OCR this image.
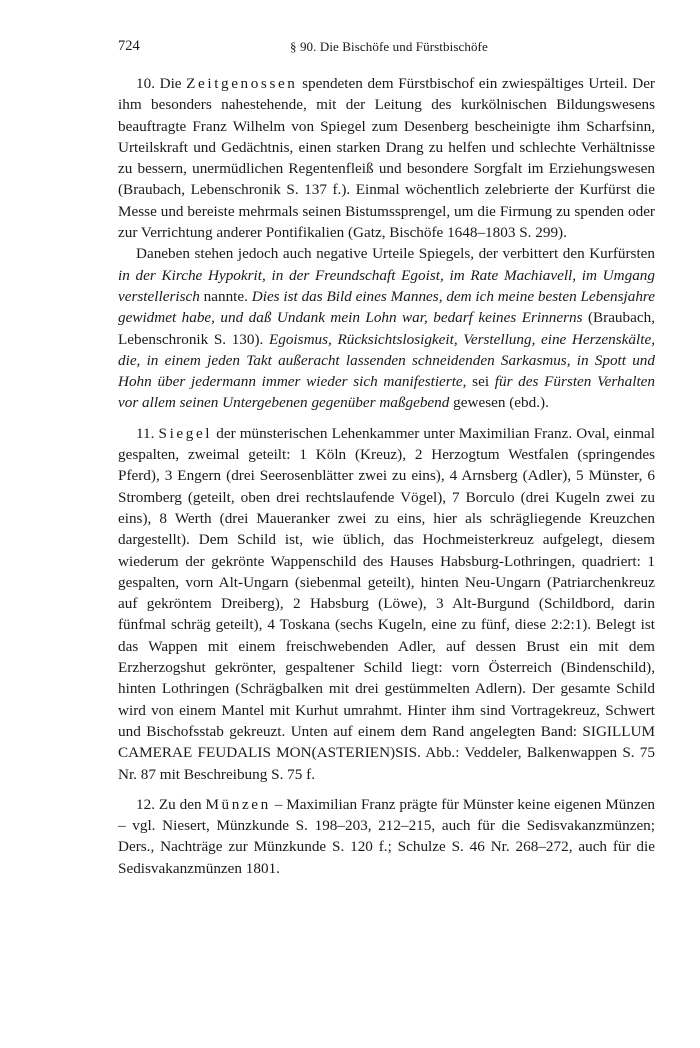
724	§ 90. Die Bischöfe und Fürstbischöfe

10. Die Zeitgenossen spendeten dem Fürstbischof ein zwiespältiges Urteil. Der ihm besonders nahestehende, mit der Leitung des kurkölnischen Bildungswesens beauftragte Franz Wilhelm von Spiegel zum Desenberg bescheinigte ihm Scharfsinn, Urteilskraft und Gedächtnis, einen starken Drang zu helfen und schlechte Verhältnisse zu bessern, unermüdlichen Regentenfleiß und besondere Sorgfalt im Erziehungswesen (Braubach, Lebenschronik S. 137 f.). Einmal wöchentlich zelebrierte der Kurfürst die Messe und bereiste mehrmals seinen Bistumssprengel, um die Firmung zu spenden oder zur Verrichtung anderer Pontifikalien (Gatz, Bischöfe 1648–1803 S. 299).

Daneben stehen jedoch auch negative Urteile Spiegels, der verbittert den Kurfürsten in der Kirche Hypokrit, in der Freundschaft Egoist, im Rate Machiavell, im Umgang verstellerisch nannte. Dies ist das Bild eines Mannes, dem ich meine besten Lebensjahre gewidmet habe, und daß Undank mein Lohn war, bedarf keines Erinnerns (Braubach, Lebenschronik S. 130). Egoismus, Rücksichtslosigkeit, Verstellung, eine Herzenskälte, die, in einem jeden Takt außeracht lassenden schneidenden Sarkasmus, in Spott und Hohn über jedermann immer wieder sich manifestierte, sei für des Fürsten Verhalten vor allem seinen Untergebenen gegenüber maßgebend gewesen (ebd.).

11. Siegel der münsterischen Lehenkammer unter Maximilian Franz. Oval, einmal gespalten, zweimal geteilt: 1 Köln (Kreuz), 2 Herzogtum Westfalen (springendes Pferd), 3 Engern (drei Seerosenblätter zwei zu eins), 4 Arnsberg (Adler), 5 Münster, 6 Stromberg (geteilt, oben drei rechtslaufende Vögel), 7 Borculo (drei Kugeln zwei zu eins), 8 Werth (drei Maueranker zwei zu eins, hier als schrägliegende Kreuzchen dargestellt). Dem Schild ist, wie üblich, das Hochmeisterkreuz aufgelegt, diesem wiederum der gekrönte Wappenschild des Hauses Habsburg-Lothringen, quadriert: 1 gespalten, vorn Alt-Ungarn (siebenmal geteilt), hinten Neu-Ungarn (Patriarchenkreuz auf gekröntem Dreiberg), 2 Habsburg (Löwe), 3 Alt-Burgund (Schildbord, darin fünfmal schräg geteilt), 4 Toskana (sechs Kugeln, eine zu fünf, diese 2:2:1). Belegt ist das Wappen mit einem freischwebenden Adler, auf dessen Brust ein mit dem Erzherzogshut gekrönter, gespaltener Schild liegt: vorn Österreich (Bindenschild), hinten Lothringen (Schrägbalken mit drei gestümmelten Adlern). Der gesamte Schild wird von einem Mantel mit Kurhut umrahmt. Hinter ihm sind Vortragekreuz, Schwert und Bischofsstab gekreuzt. Unten auf einem dem Rand angelegten Band: SIGILLUM CAMERAE FEUDALIS MON(ASTERIEN)SIS. Abb.: Veddeler, Balkenwappen S. 75 Nr. 87 mit Beschreibung S. 75 f.

12. Zu den Münzen – Maximilian Franz prägte für Münster keine eigenen Münzen – vgl. Niesert, Münzkunde S. 198–203, 212–215, auch für die Sedisvakanzmünzen; Ders., Nachträge zur Münzkunde S. 120 f.; Schulze S. 46 Nr. 268–272, auch für die Sedisvakanzmünzen 1801.
